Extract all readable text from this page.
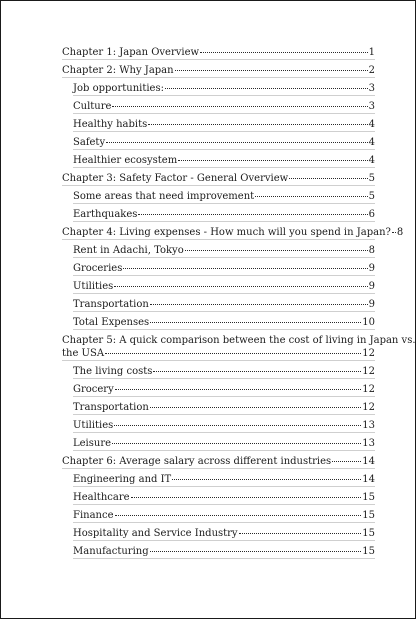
Chapter 1: Japan Overview	1
Chapter 2: Why Japan	2
Job opportunities:	3
Culture	3
Healthy habits	4
Safety	4
Healthier ecosystem	4
Chapter 3: Safety Factor - General Overview	5
Some areas that need improvement	5
Earthquakes	6
Chapter 4: Living expenses - How much will you spend in Japan? 8
Rent in Adachi, Tokyo	8
Groceries	9
Utilities	9
Transportation	9
Total Expenses	10
Chapter 5: A quick comparison between the cost of living in Japan vs.
the USA	12
The living costs	12
Grocery	12
Transportation	12
Utilities	13
Leisure	13
Chapter 6: Average salary across different industries	14
Engineering and IT	14
Healthcare	15
Finance	15
Hospitality and Service Industry	15
Manufacturing	15
